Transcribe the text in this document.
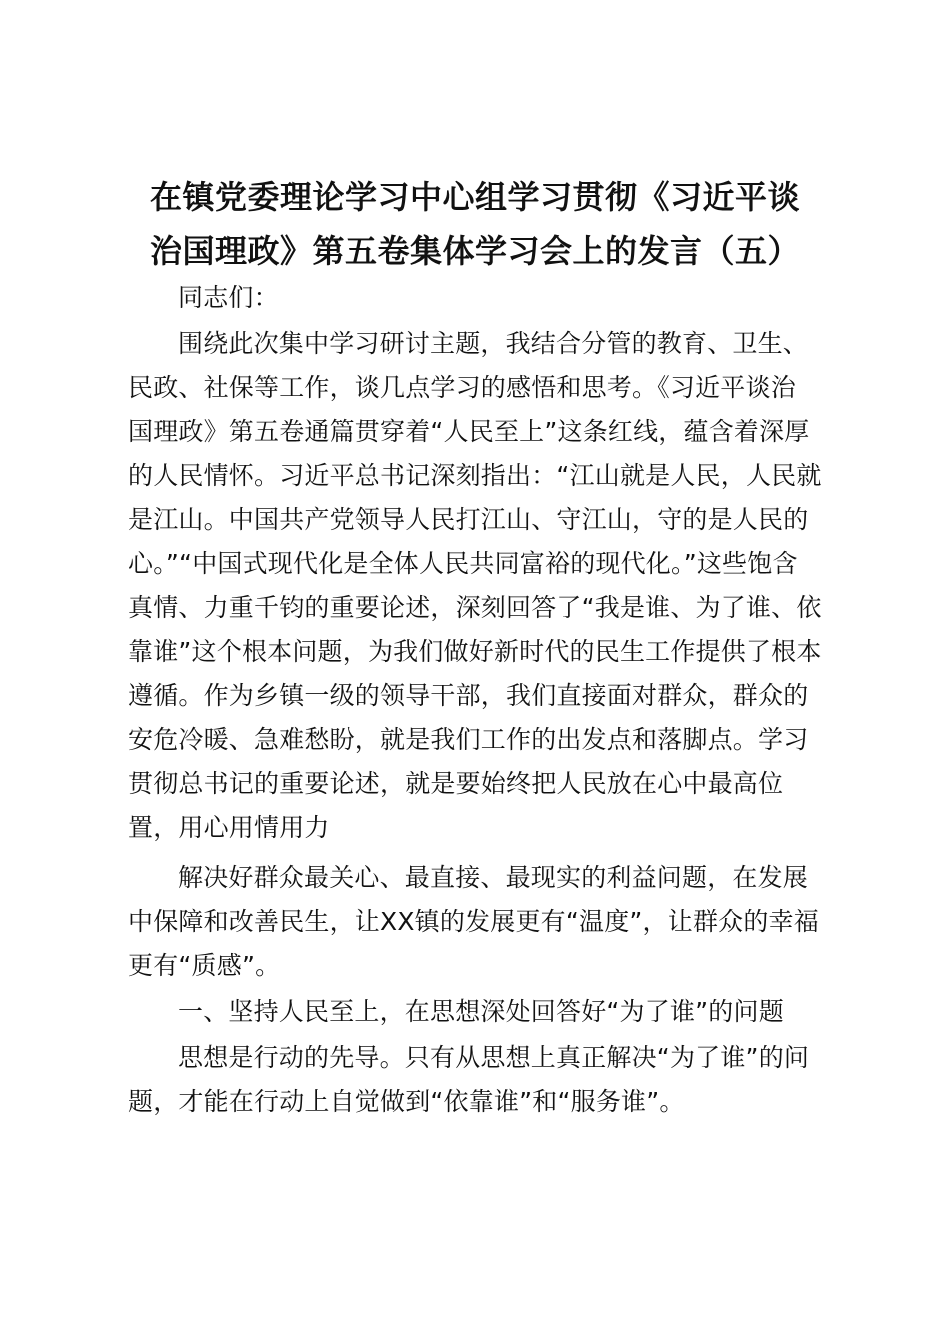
在镇党委理论学习中心组学习贯彻《习近平谈
治国理政》第五卷集体学习会上的发言（五）
同志们：
围绕此次集中学习研讨主题，我结合分管的教育、卫生、
民政、社保等工作，谈几点学习的感悟和思考。《习近平谈治
国理政》第五卷通篇贯穿着“人民至上”这条红线，蕴含着深厚
的人民情怀。习近平总书记深刻指出：“江山就是人民，人民就
是江山。中国共产党领导人民打江山、守江山，守的是人民的
心。”“中国式现代化是全体人民共同富裕的现代化。”这些饱含
真情、力重千钧的重要论述，深刻回答了“我是谁、为了谁、依
靠谁”这个根本问题，为我们做好新时代的民生工作提供了根本
遵循。作为乡镇一级的领导干部，我们直接面对群众，群众的
安危冷暖、急难愁盼，就是我们工作的出发点和落脚点。学习
贯彻总书记的重要论述，就是要始终把人民放在心中最高位
置，用心用情用力
解决好群众最关心、最直接、最现实的利益问题，在发展
中保障和改善民生，让XX镇的发展更有“温度”，让群众的幸福
更有“质感”。
一、坚持人民至上，在思想深处回答好“为了谁”的问题
思想是行动的先导。只有从思想上真正解决“为了谁”的问
题，才能在行动上自觉做到“依靠谁”和“服务谁”。
